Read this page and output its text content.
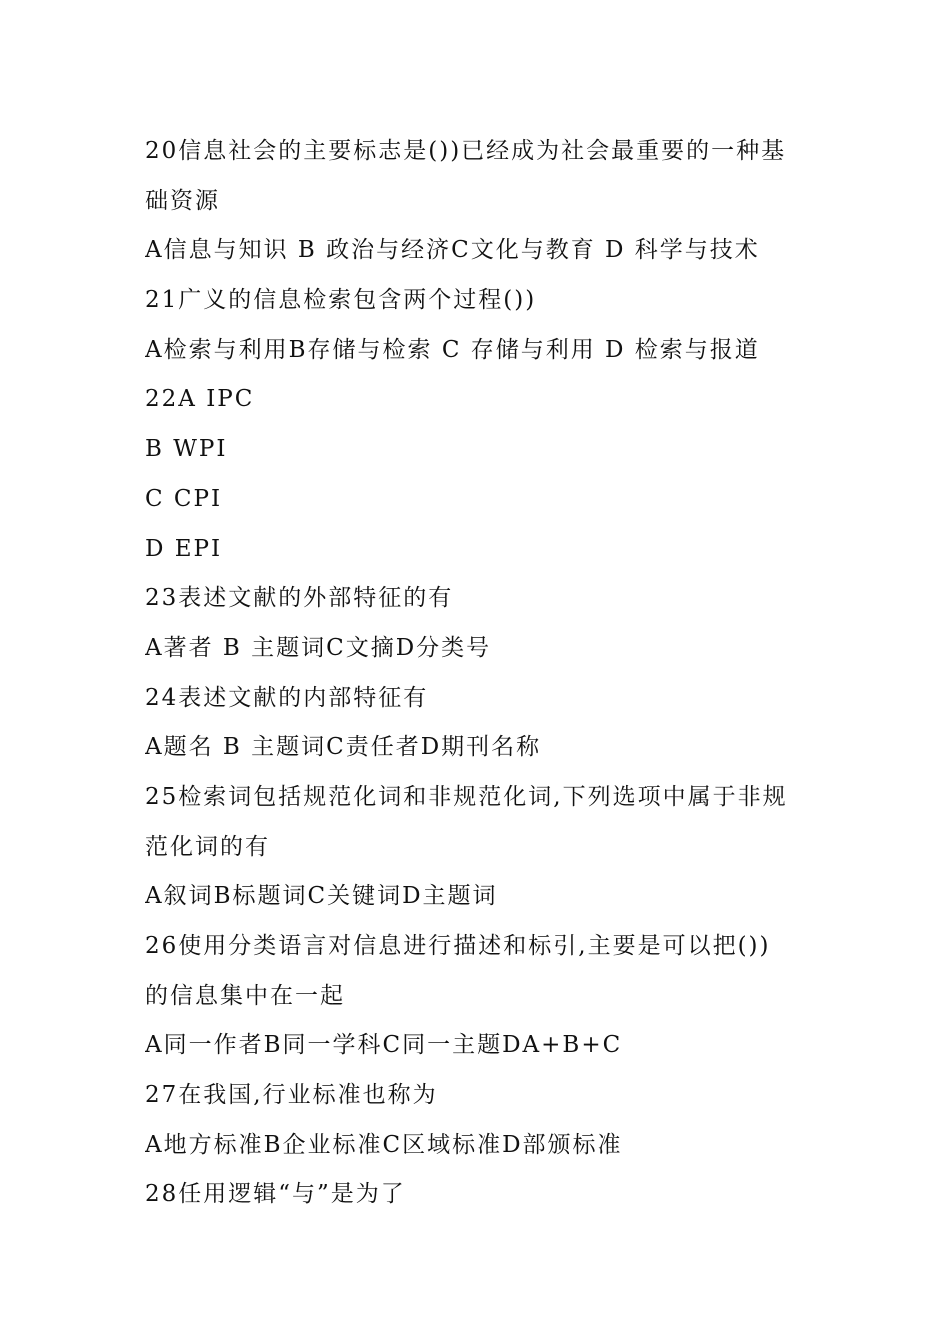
20信息社会的主要标志是())已经成为社会最重要的一种基
础资源
A信息与知识 B 政治与经济C文化与教育 D 科学与技术
21广义的信息检索包含两个过程())
A检索与利用B存储与检索 C 存储与利用 D 检索与报道
22A IPC
B WPI
C CPI
D EPI
23表述文献的外部特征的有
A著者 B 主题词C文摘D分类号
24表述文献的内部特征有
A题名 B 主题词C责任者D期刊名称
25检索词包括规范化词和非规范化词,下列选项中属于非规
范化词的有
A叙词B标题词C关键词D主题词
26使用分类语言对信息进行描述和标引,主要是可以把())
的信息集中在一起
A同一作者B同一学科C同一主题DA+B+C
27在我国,行业标准也称为
A地方标准B企业标准C区域标准D部颁标准
28任用逻辑“与”是为了
